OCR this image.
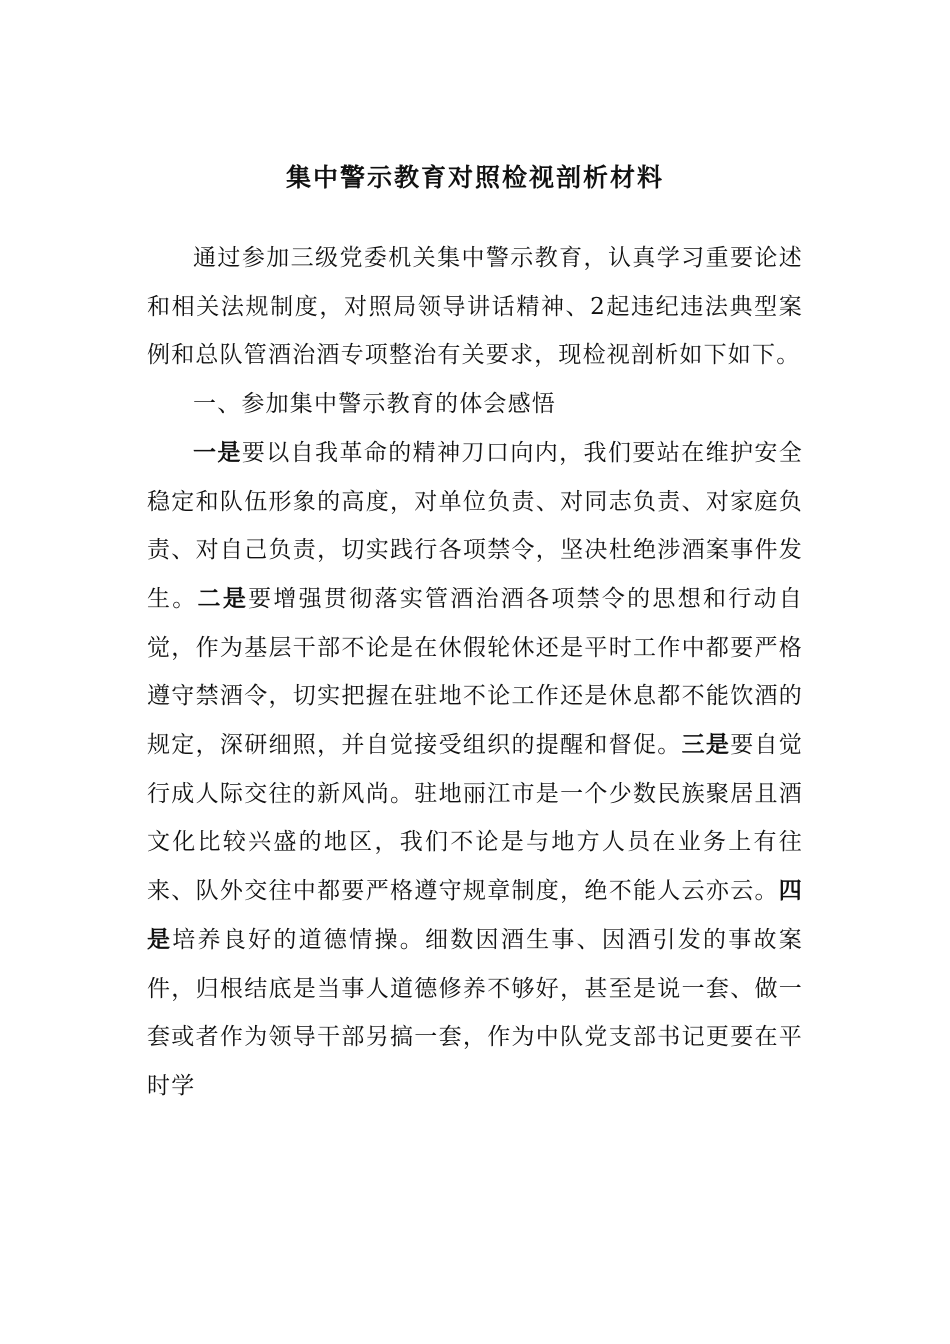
集中警示教育对照检视剖析材料

通过参加三级党委机关集中警示教育，认真学习重要论述和相关法规制度，对照局领导讲话精神、2起违纪违法典型案例和总队管酒治酒专项整治有关要求，现检视剖析如下如下。

一、参加集中警示教育的体会感悟

一是要以自我革命的精神刀口向内，我们要站在维护安全稳定和队伍形象的高度，对单位负责、对同志负责、对家庭负责、对自己负责，切实践行各项禁令，坚决杜绝涉酒案事件发生。二是要增强贯彻落实管酒治酒各项禁令的思想和行动自觉，作为基层干部不论是在休假轮休还是平时工作中都要严格遵守禁酒令，切实把握在驻地不论工作还是休息都不能饮酒的规定，深研细照，并自觉接受组织的提醒和督促。三是要自觉行成人际交往的新风尚。驻地丽江市是一个少数民族聚居且酒文化比较兴盛的地区，我们不论是与地方人员在业务上有往来、队外交往中都要严格遵守规章制度，绝不能人云亦云。四是培养良好的道德情操。细数因酒生事、因酒引发的事故案件，归根结底是当事人道德修养不够好，甚至是说一套、做一套或者作为领导干部另搞一套，作为中队党支部书记更要在平时学
